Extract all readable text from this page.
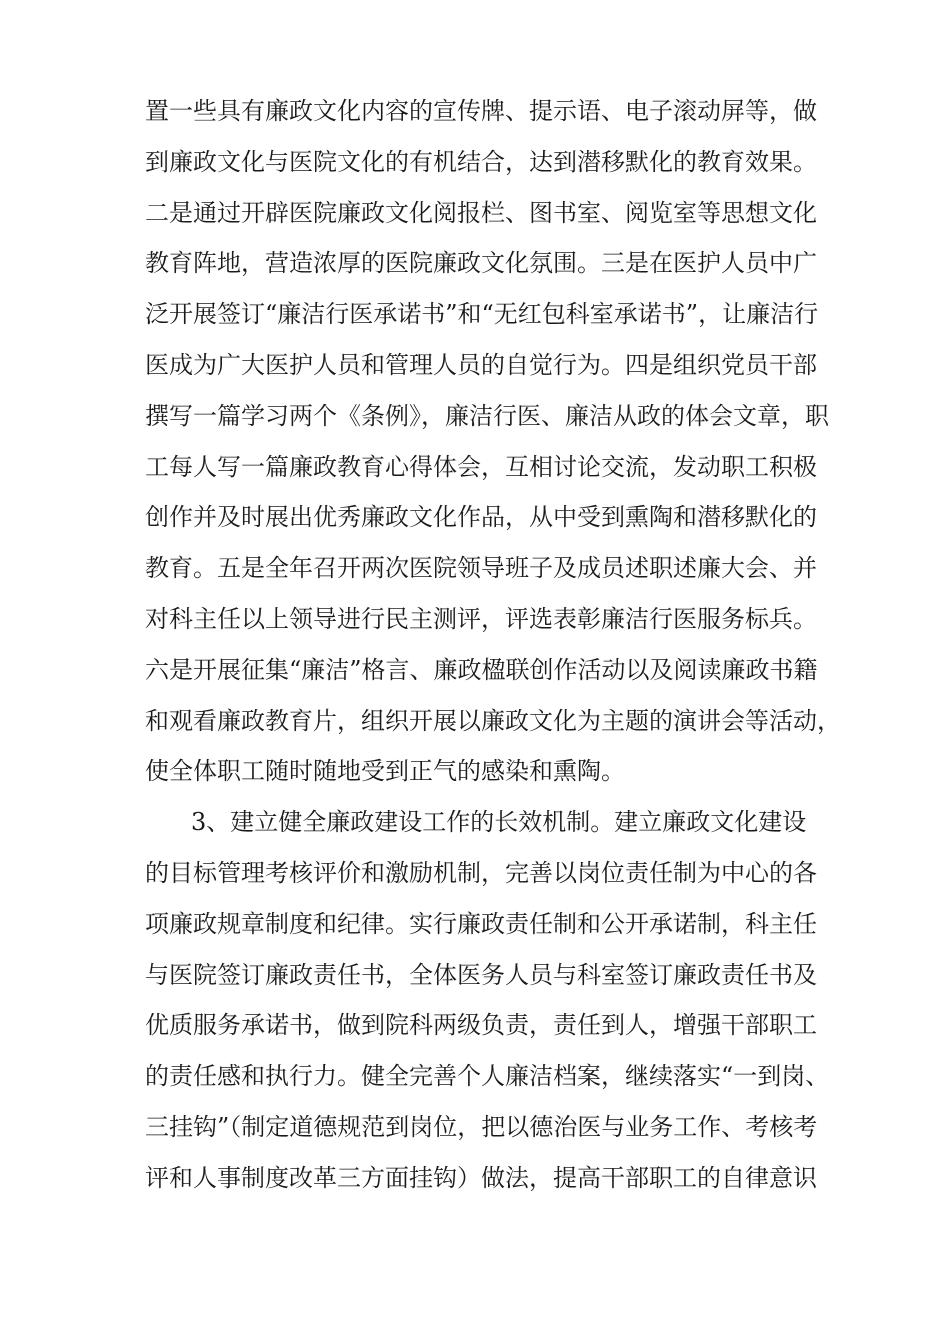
置一些具有廉政文化内容的宣传牌、提示语、电子滚动屏等，做
到廉政文化与医院文化的有机结合，达到潜移默化的教育效果。
二是通过开辟医院廉政文化阅报栏、图书室、阅览室等思想文化
教育阵地，营造浓厚的医院廉政文化氛围。三是在医护人员中广
泛开展签订“廉洁行医承诺书”和“无红包科室承诺书”，让廉洁行
医成为广大医护人员和管理人员的自觉行为。四是组织党员干部
撰写一篇学习两个《条例》，廉洁行医、廉洁从政的体会文章，职
工每人写一篇廉政教育心得体会，互相讨论交流，发动职工积极
创作并及时展出优秀廉政文化作品，从中受到熏陶和潜移默化的
教育。五是全年召开两次医院领导班子及成员述职述廉大会、并
对科主任以上领导进行民主测评，评选表彰廉洁行医服务标兵。
六是开展征集“廉洁”格言、廉政楹联创作活动以及阅读廉政书籍
和观看廉政教育片，组织开展以廉政文化为主题的演讲会等活动，
使全体职工随时随地受到正气的感染和熏陶。
3、建立健全廉政建设工作的长效机制。建立廉政文化建设
的目标管理考核评价和激励机制，完善以岗位责任制为中心的各
项廉政规章制度和纪律。实行廉政责任制和公开承诺制，科主任
与医院签订廉政责任书，全体医务人员与科室签订廉政责任书及
优质服务承诺书，做到院科两级负责，责任到人，增强干部职工
的责任感和执行力。健全完善个人廉洁档案，继续落实“一到岗、
三挂钩”（制定道德规范到岗位，把以德治医与业务工作、考核考
评和人事制度改革三方面挂钩）做法，提高干部职工的自律意识
